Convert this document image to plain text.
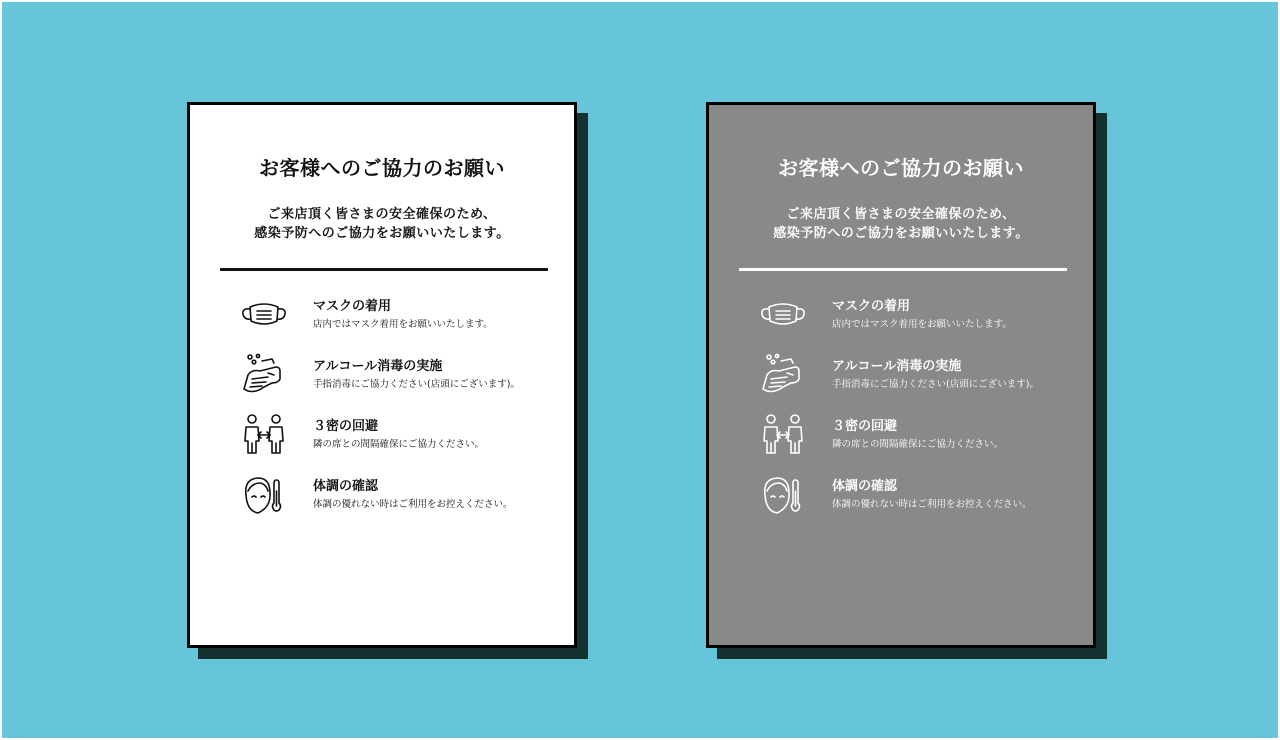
お客様へのご協力のお願い
ご来店頂く皆さまの安全確保のため、
感染予防へのご協力をお願いいたします。
マスクの着用
店内ではマスク着用をお願いいたします。
アルコール消毒の実施
手指消毒にご協力ください(店頭にございます)。
３密の回避
隣の席との間隔確保にご協力ください。
体調の確認
体調の優れない時はご利用をお控えください。
お客様へのご協力のお願い
ご来店頂く皆さまの安全確保のため、
感染予防へのご協力をお願いいたします。
マスクの着用
店内ではマスク着用をお願いいたします。
アルコール消毒の実施
手指消毒にご協力ください(店頭にございます)。
３密の回避
隣の席との間隔確保にご協力ください。
体調の確認
体調の優れない時はご利用をお控えください。
